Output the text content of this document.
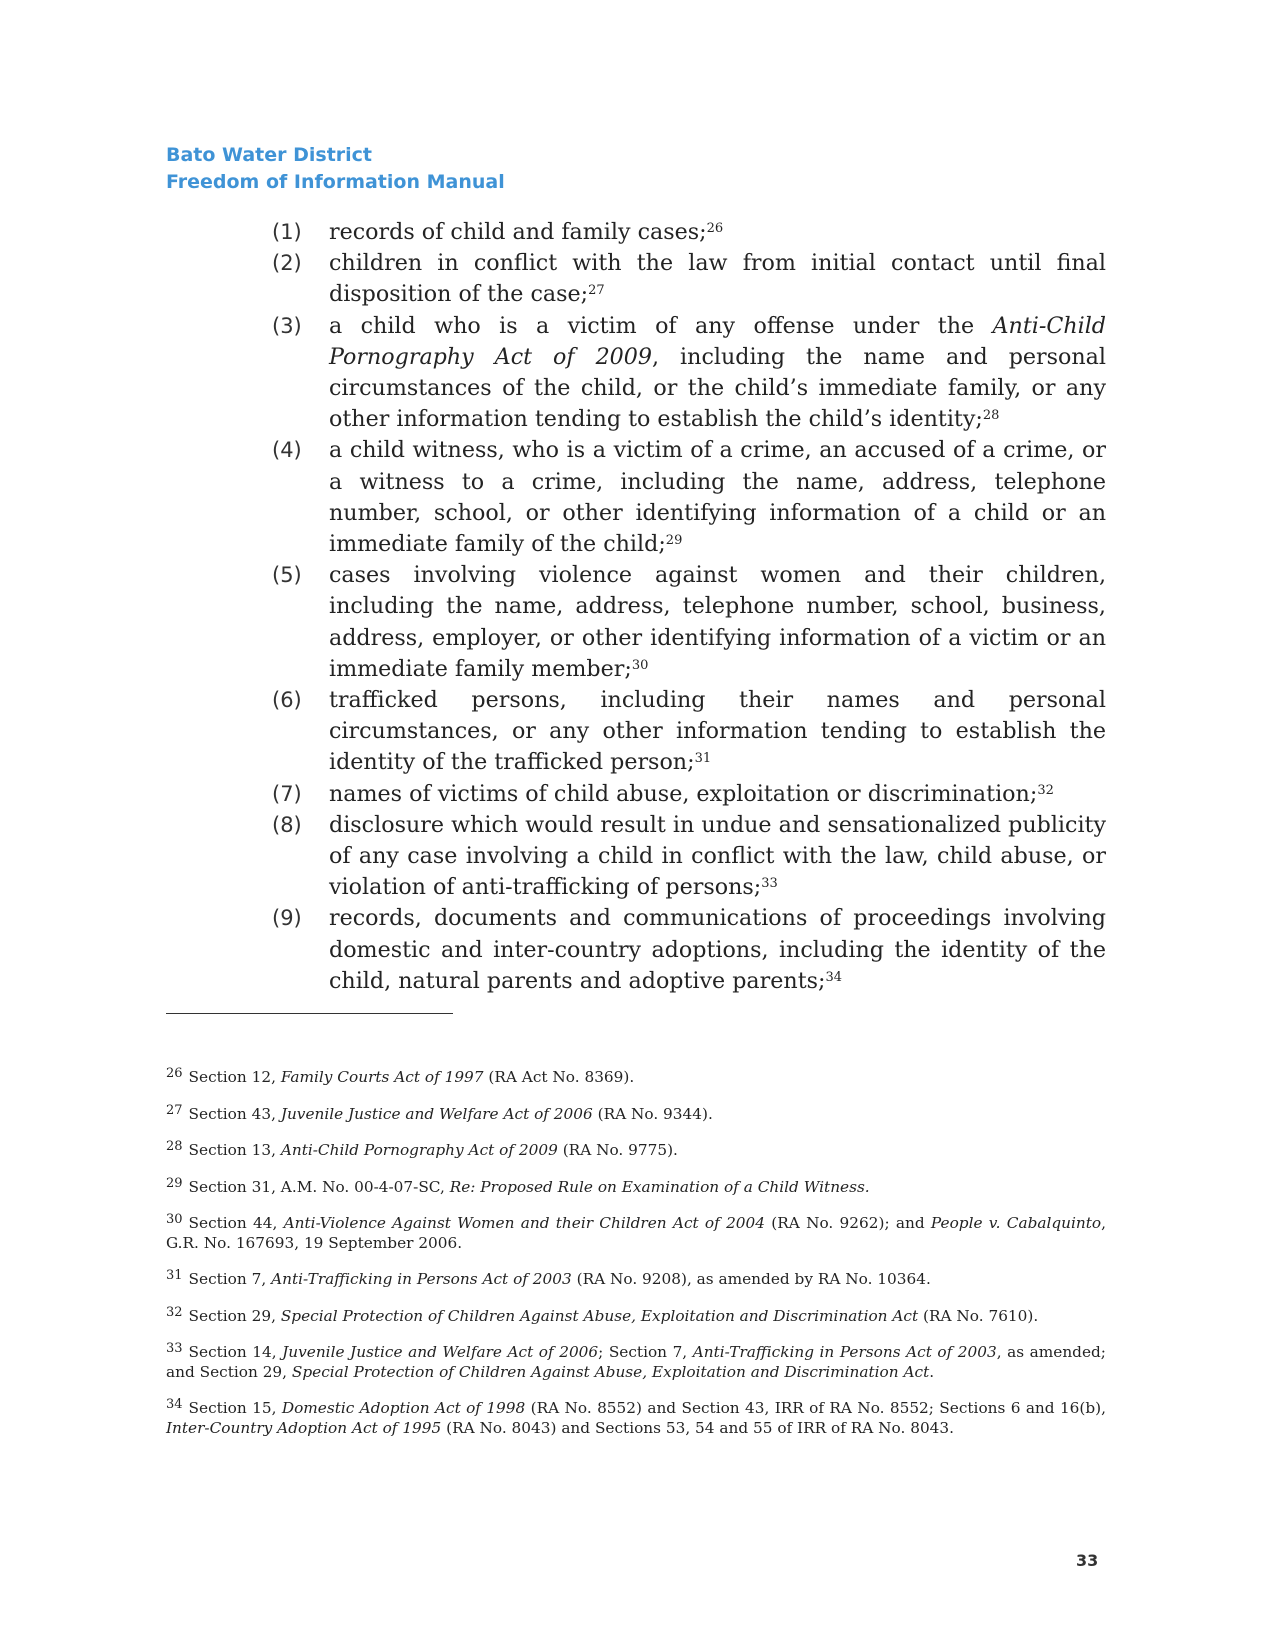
Bato Water District
Freedom of Information Manual
(1)	records of child and family cases;$^{26}$
(2)	children in conflict with the law from initial contact until final disposition of the case;$^{27}$
(3)	a child who is a victim of any offense under the Anti-Child Pornography Act of 2009, including the name and personal circumstances of the child, or the child’s immediate family, or any other information tending to establish the child’s identity;$^{28}$
(4)	a child witness, who is a victim of a crime, an accused of a crime, or a witness to a crime, including the name, address, telephone number, school, or other identifying information of a child or an immediate family of the child;$^{29}$
(5)	cases involving violence against women and their children, including the name, address, telephone number, school, business, address, employer, or other identifying information of a victim or an immediate family member;$^{30}$
(6)	trafficked persons, including their names and personal circumstances, or any other information tending to establish the identity of the trafficked person;$^{31}$
(7)	names of victims of child abuse, exploitation or discrimination;$^{32}$
(8)	disclosure which would result in undue and sensationalized publicity of any case involving a child in conflict with the law, child abuse, or violation of anti-trafficking of persons;$^{33}$
(9)	records, documents and communications of proceedings involving domestic and inter-country adoptions, including the identity of the child, natural parents and adoptive parents;$^{34}$
$^{26}$ Section 12, Family Courts Act of 1997 (RA Act No. 8369).
$^{27}$ Section 43, Juvenile Justice and Welfare Act of 2006 (RA No. 9344).
$^{28}$ Section 13, Anti-Child Pornography Act of 2009 (RA No. 9775).
$^{29}$ Section 31, A.M. No. 00-4-07-SC, Re: Proposed Rule on Examination of a Child Witness.
$^{30}$ Section 44, Anti-Violence Against Women and their Children Act of 2004 (RA No. 9262); and People v. Cabalquinto, G.R. No. 167693, 19 September 2006.
$^{31}$ Section 7, Anti-Trafficking in Persons Act of 2003 (RA No. 9208), as amended by RA No. 10364.
$^{32}$ Section 29, Special Protection of Children Against Abuse, Exploitation and Discrimination Act (RA No. 7610).
$^{33}$ Section 14, Juvenile Justice and Welfare Act of 2006; Section 7, Anti-Trafficking in Persons Act of 2003, as amended; and Section 29, Special Protection of Children Against Abuse, Exploitation and Discrimination Act.
$^{34}$ Section 15, Domestic Adoption Act of 1998 (RA No. 8552) and Section 43, IRR of RA No. 8552; Sections 6 and 16(b), Inter-Country Adoption Act of 1995 (RA No. 8043) and Sections 53, 54 and 55 of IRR of RA No. 8043.
33
